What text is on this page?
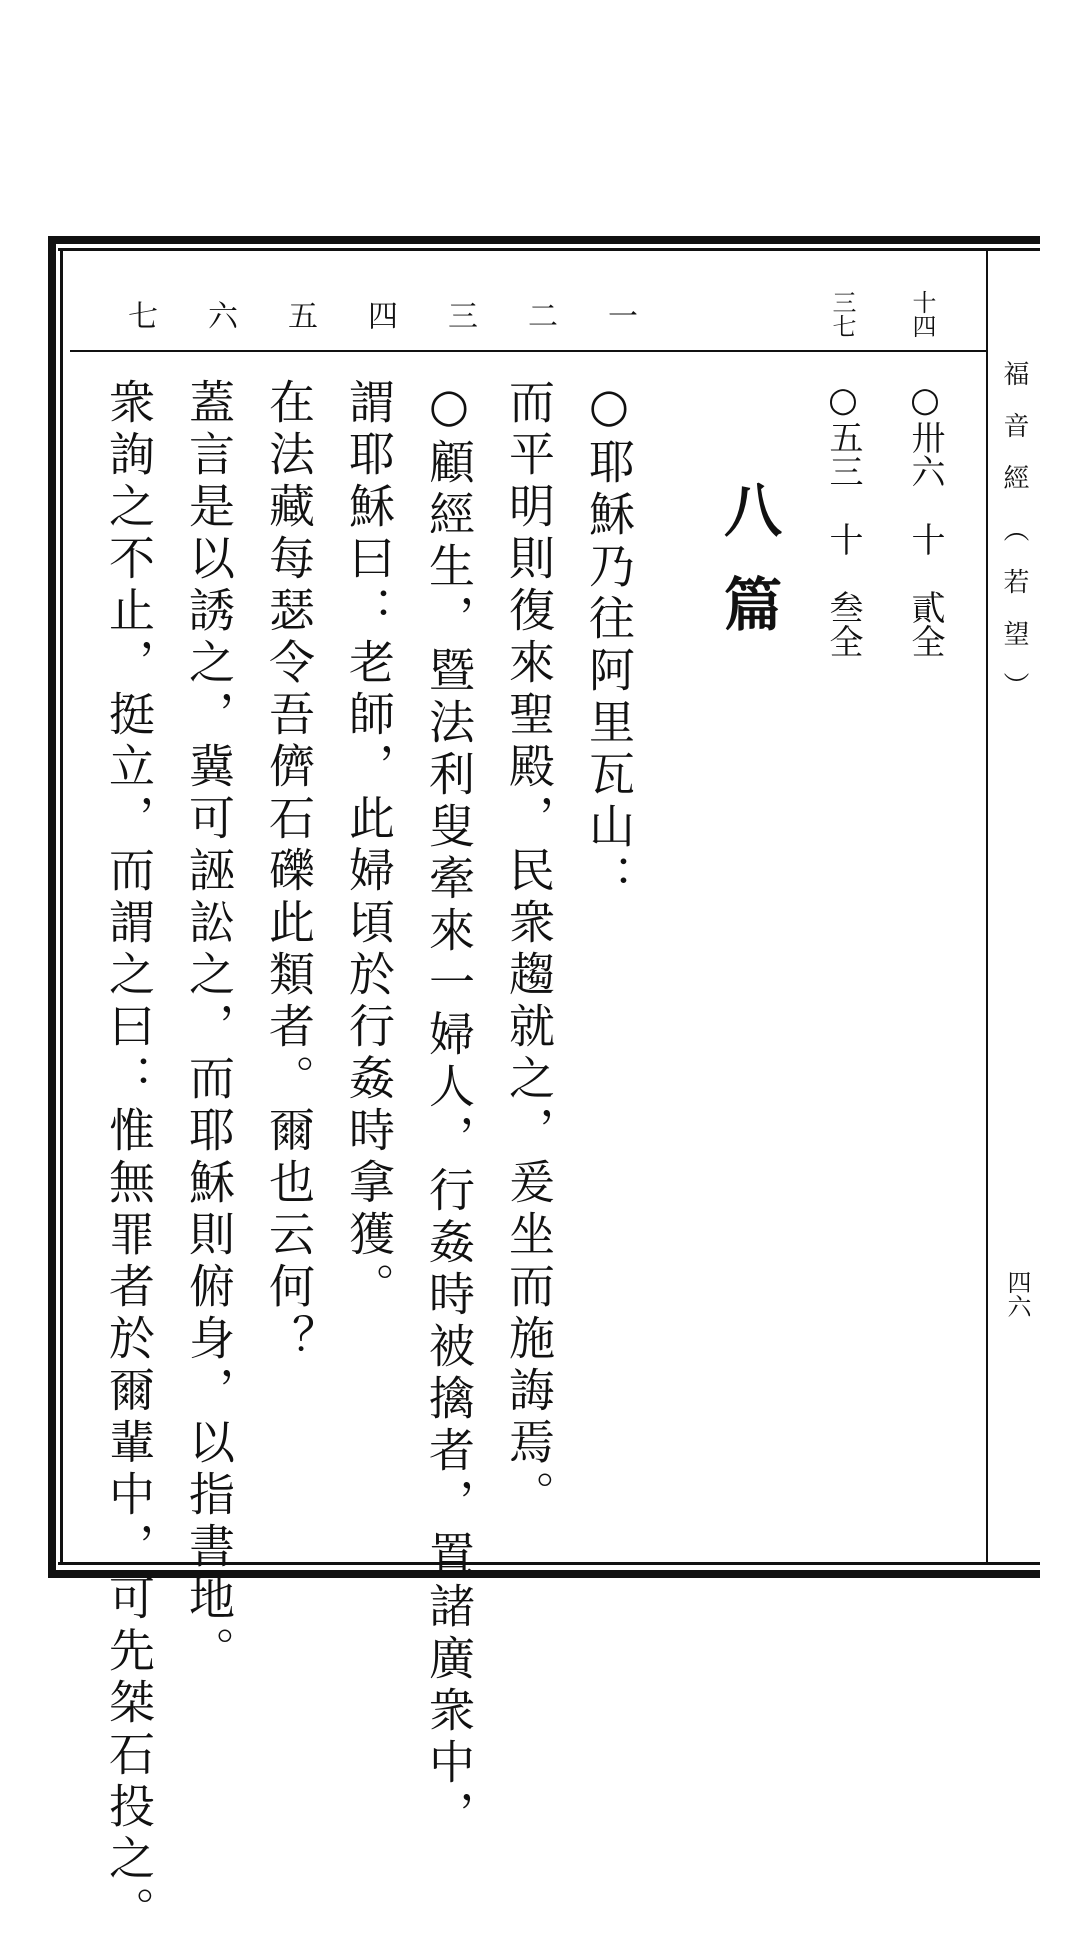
福音經（若望）
四六
十四
○卅六　十　貳全
三七
○五三　十　叁全
八篇
一
二
三
四
五
六
七
○耶穌乃往阿里瓦山：
而平明則復來聖殿，民衆趨就之，爰坐而施誨焉。
○顧經生，暨法利叟牽來一婦人，行姦時被擒者，置諸廣衆中，
謂耶穌曰：老師，此婦頃於行姦時拿獲。
在法藏每瑟令吾儕石礫此類者。爾也云何？
蓋言是以誘之，冀可誣訟之，而耶穌則俯身，以指書地。
衆詢之不止，挺立，而謂之曰：惟無罪者於爾輩中，可先桀石投之。
